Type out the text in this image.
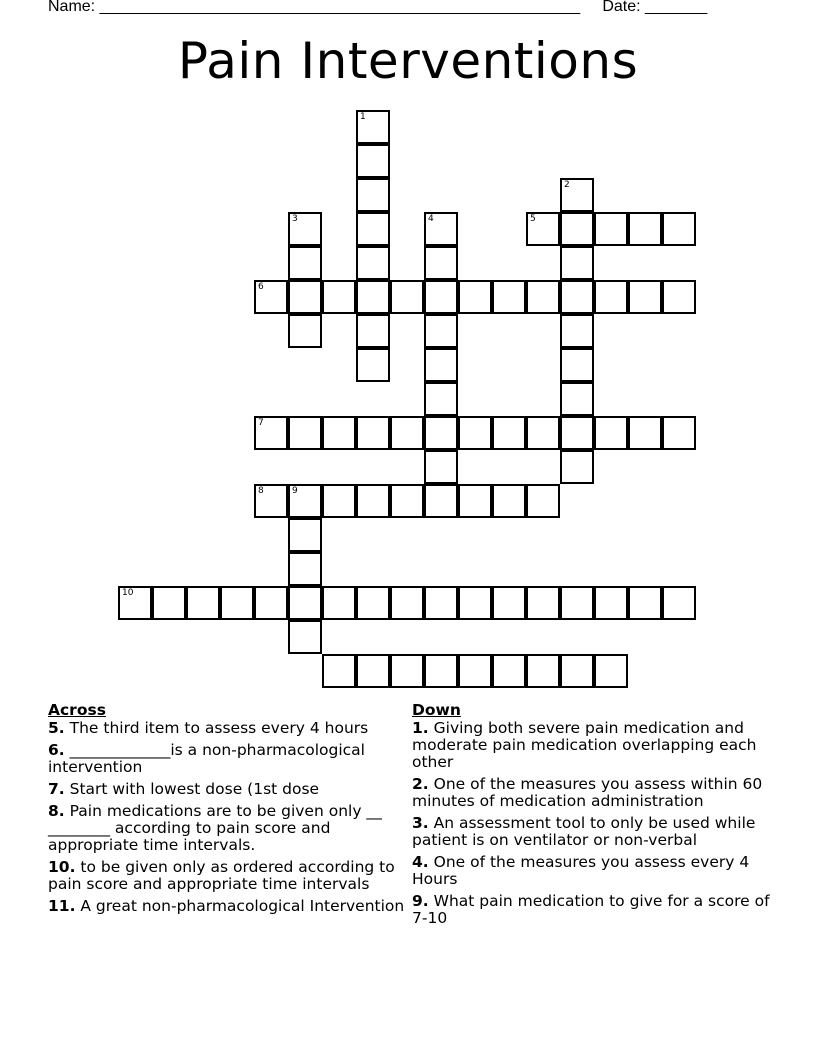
Name: ______________________________________________________ Date: _______
Pain Interventions
1
2
3	4	5
6
7
8	9
10
Across
5. The third item to assess every 4 hours
6. _____________is a non-pharmacological intervention
7. Start with lowest dose (1st dose
8. Pain medications are to be given only __ ________ according to pain score and appropriate time intervals.
10. to be given only as ordered according to pain score and appropriate time intervals
11. A great non-pharmacological Intervention
Down
1. Giving both severe pain medication and moderate pain medication overlapping each other
2. One of the measures you assess within 60 minutes of medication administration
3. An assessment tool to only be used while patient is on ventilator or non-verbal
4. One of the measures you assess every 4 Hours
9. What pain medication to give for a score of 7-10
